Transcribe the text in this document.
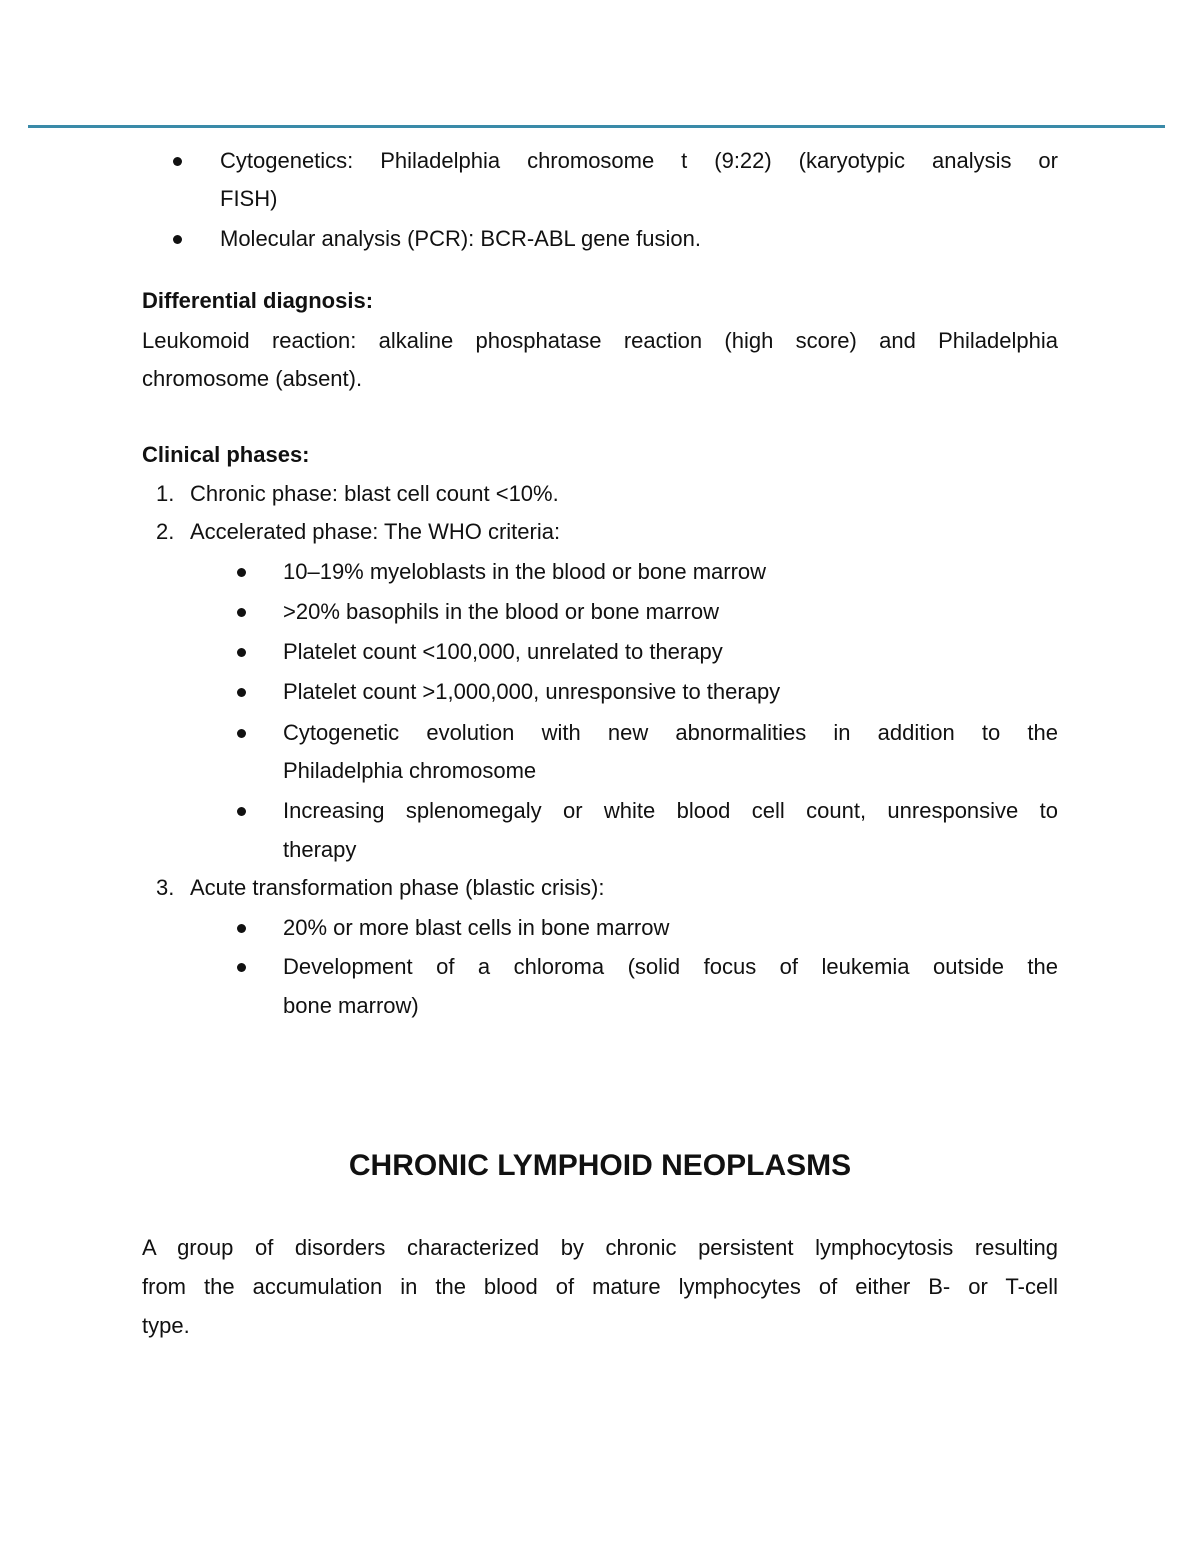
Cytogenetics: Philadelphia chromosome t (9:22) (karyotypic analysis or
FISH)
Molecular analysis (PCR): BCR-ABL gene fusion.
Differential diagnosis:
Leukomoid reaction: alkaline phosphatase reaction (high score) and Philadelphia
chromosome (absent).
Clinical phases:
1. Chronic phase: blast cell count <10%.
2. Accelerated phase: The WHO criteria:
10–19% myeloblasts in the blood or bone marrow
>20% basophils in the blood or bone marrow
Platelet count <100,000, unrelated to therapy
Platelet count >1,000,000, unresponsive to therapy
Cytogenetic evolution with new abnormalities in addition to the
Philadelphia chromosome
Increasing splenomegaly or white blood cell count, unresponsive to
therapy
3. Acute transformation phase (blastic crisis):
20% or more blast cells in bone marrow
Development of a chloroma (solid focus of leukemia outside the
bone marrow)
CHRONIC LYMPHOID NEOPLASMS
A group of disorders characterized by chronic persistent lymphocytosis resulting
from the accumulation in the blood of mature lymphocytes of either B- or T-cell
type.
